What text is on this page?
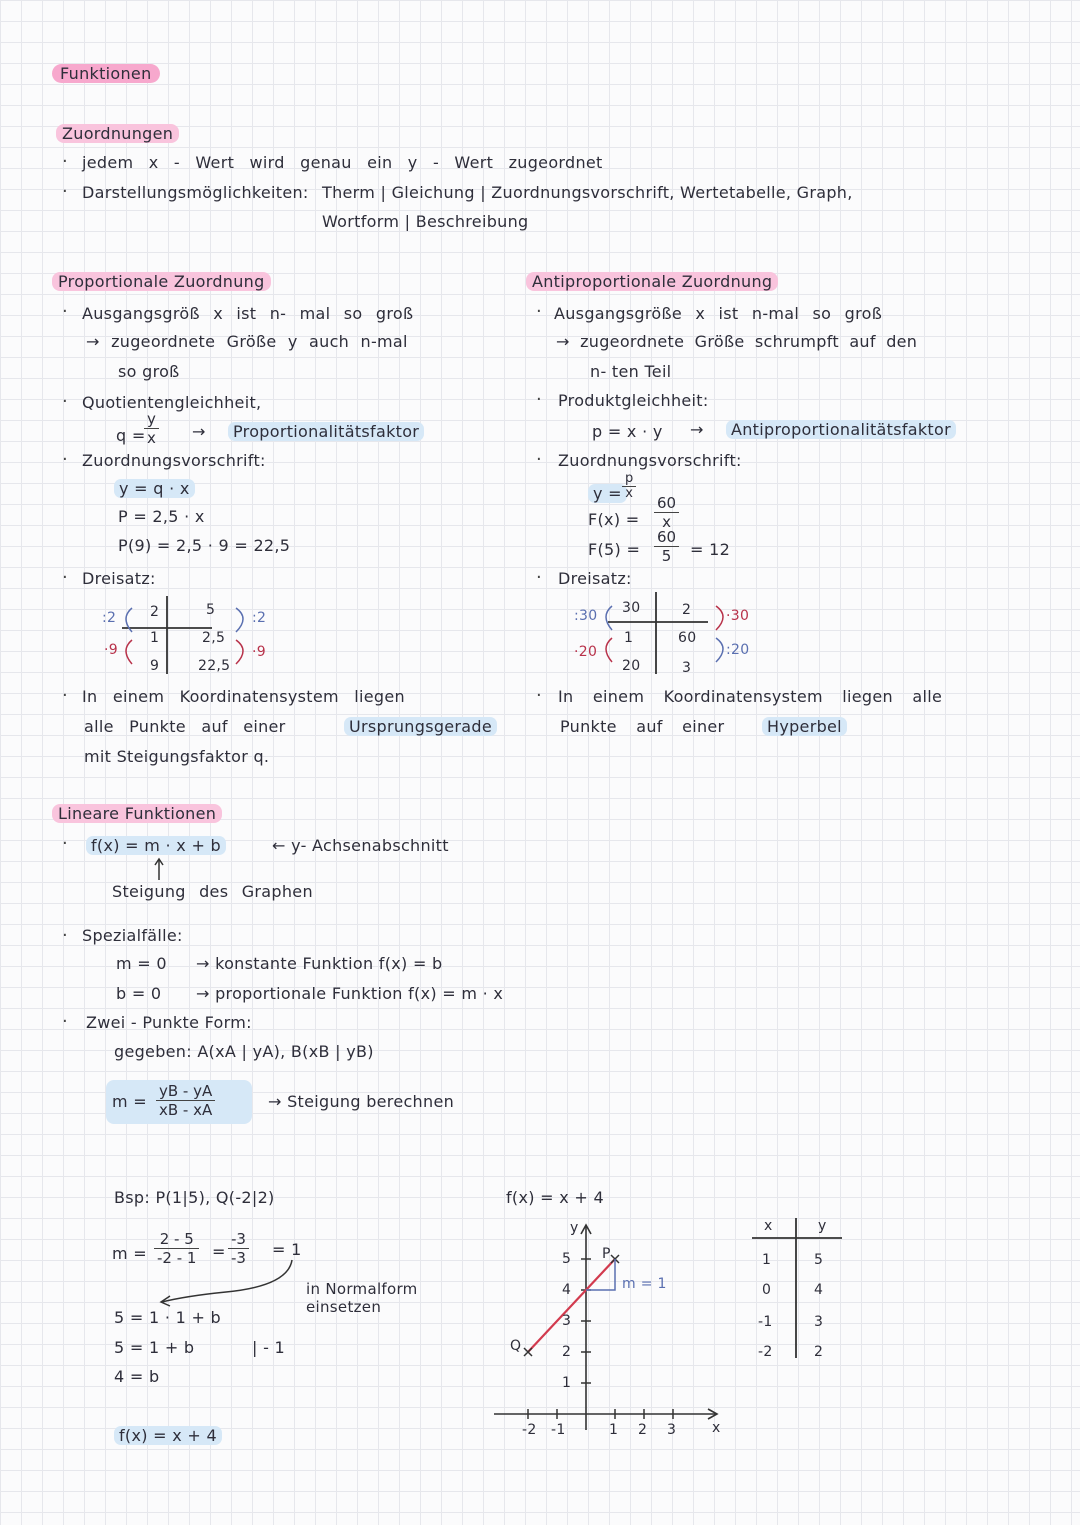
Funktionen
Zuordnungen
· jedem x - Wert wird genau ein y - Wert zugeordnet
· Darstellungsmöglichkeiten: Therm | Gleichung | Zuordnungsvorschrift, Wertetabelle, Graph,
Wortform | Beschreibung
Proportionale Zuordnung
· Ausgangsgröß x ist n- mal so groß
→ zugeordnete Größe y auch n-mal
so groß
· Quotientengleichheit,
q =
$\frac{y}{x}$ →	Proportionalitätsfaktor
· Zuordnungsvorschrift:
y = q · x
P = 2,5 · x
P(9) = 2,5 · 9 = 22,5
· Dreisatz:
2	5
1	2,5
9	22,5
:2
·9
:2
·9
· In einem Koordinatensystem liegen
alle Punkte auf einer	Ursprungsgerade
mit Steigungsfaktor q.
Antiproportionale Zuordnung
· Ausgangsgröße x ist n-mal so groß
→ zugeordnete Größe schrumpft auf den
n- ten Teil
· Produktgleichheit:
p = x · y →	Antiproportionalitätsfaktor
· Zuordnungsvorschrift:
$y = \frac{p}{x}$
$F(x) = \frac{60}{x}$
$F(5) = \frac{60}{5} = 12$
· Dreisatz:
30	2
1	60
20	3
:30
·20
·30
:20
· In einem Koordinatensystem liegen alle
Punkte auf einer	Hyperbel
Lineare Funktionen
·	f(x) = m · x + b	← y- Achsenabschnitt
Steigung des Graphen
· Spezialfälle:
m = 0 → konstante Funktion f(x) = b
b = 0 → proportionale Funktion f(x) = m · x
· Zwei - Punkte Form:
gegeben: A(xA | yA), B(xB | yB)
$m = \frac{yB - yA}{xB - xA}$	→ Steigung berechnen
Bsp: P(1|5), Q(-2|2)
$m = \frac{2 - 5}{-2 - 1} = \frac{-3}{-3} = 1$
in Normalform einsetzen
5 = 1 · 1 + b
5 = 1 + b	| - 1
4 = b
f(x) = x + 4
f(x) = x + 4
y
x
P
Q
m = 1
-2 -1	1 2 3
1
2
3
4
5
x	y
1	5
0	4
-1	3
-2	2
